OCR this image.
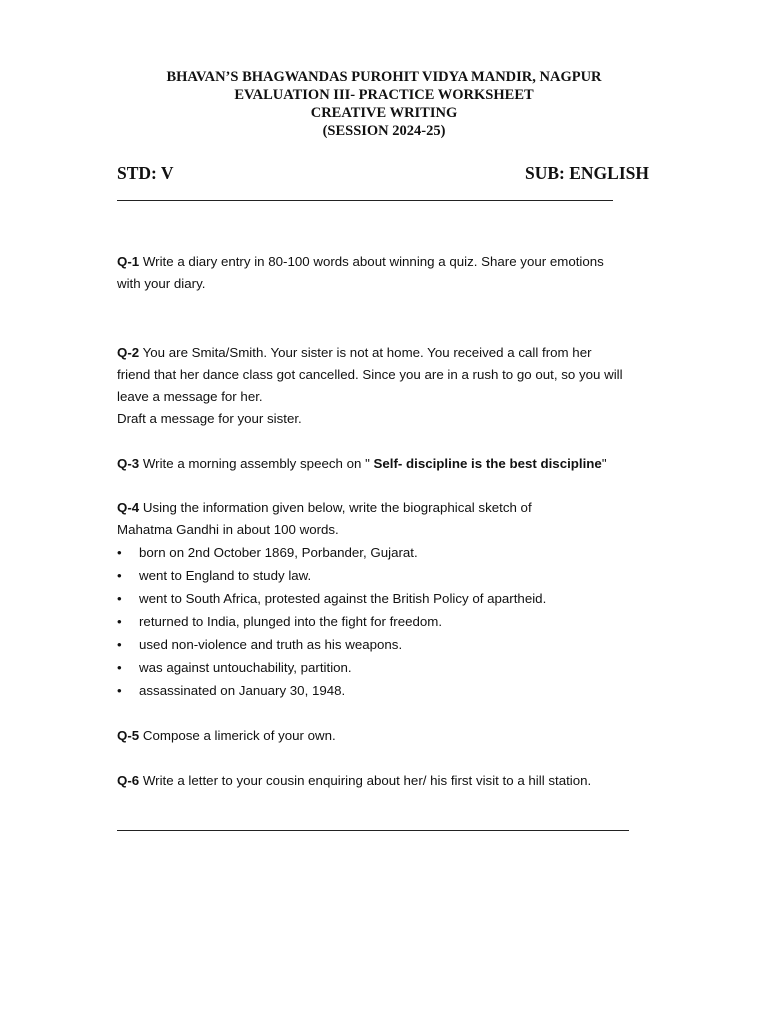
BHAVAN’S BHAGWANDAS PUROHIT VIDYA MANDIR, NAGPUR
EVALUATION III- PRACTICE WORKSHEET
CREATIVE WRITING
(SESSION 2024-25)
STD: V	SUB: ENGLISH

Q-1 Write a diary entry in 80-100 words about winning a quiz. Share your emotions

with your diary.

Q-2 You are Smita/Smith. Your sister is not at home. You received a call from her

friend that her dance class got cancelled. Since you are in a rush to go out, so you will

leave a message for her.

Draft a message for your sister.

Q-3 Write a morning assembly speech on " Self- discipline is the best discipline"

Q-4 Using the information given below, write the biographical sketch of

Mahatma Gandhi in about 100 words.

• born on 2nd October 1869, Porbander, Gujarat.
• went to England to study law.
• went to South Africa, protested against the British Policy of apartheid.
• returned to India, plunged into the fight for freedom.
• used non-violence and truth as his weapons.
• was against untouchability, partition.
• assassinated on January 30, 1948.

Q-5 Compose a limerick of your own.

Q-6 Write a letter to your cousin enquiring about her/ his first visit to a hill station.
